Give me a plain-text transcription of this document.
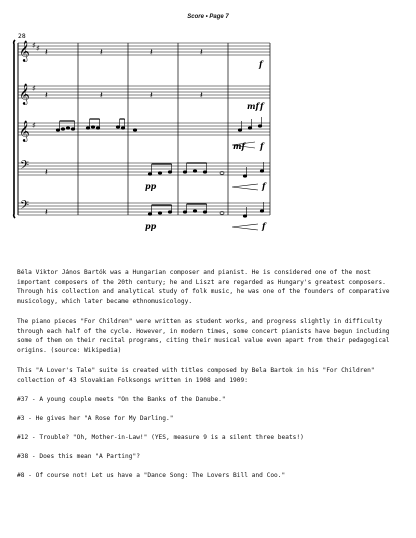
Score • Page 7
𝄞 ♯ ♯
𝄞 ♯
𝄞 ♯
𝄢
𝄢
28
𝄽	𝄽	𝄽	𝄽
𝄽	𝄽	𝄽	𝄽
𝄽
𝄽
f
mf f
mf f
pp	f
pp	f

Béla Viktor János Bartók was a Hungarian composer and pianist. He is considered one of the most important composers of the 20th century; he and Liszt are regarded as Hungary's greatest composers. Through his collection and analytical study of folk music, he was one of the founders of comparative musicology, which later became ethnomusicology.

The piano pieces "For Children" were written as student works, and progress slightly in difficulty through each half of the cycle. However, in modern times, some concert pianists have begun including some of them on their recital programs, citing their musical value even apart from their pedagogical origins. (source: Wikipedia)

This "A Lover's Tale" suite is created with titles composed by Bela Bartok in his "For Children" collection of 43 Slovakian Folksongs written in 1908 and 1909:

#37 - A young couple meets "On the Banks of the Danube."
#3 - He gives her "A Rose for My Darling."
#12 - Trouble? "Oh, Mother-in-Law!" (YES, measure 9 is a silent three beats!)
#38 - Does this mean "A Parting"?
#8 - Of course not! Let us have a "Dance Song: The Lovers Bill and Coo."
